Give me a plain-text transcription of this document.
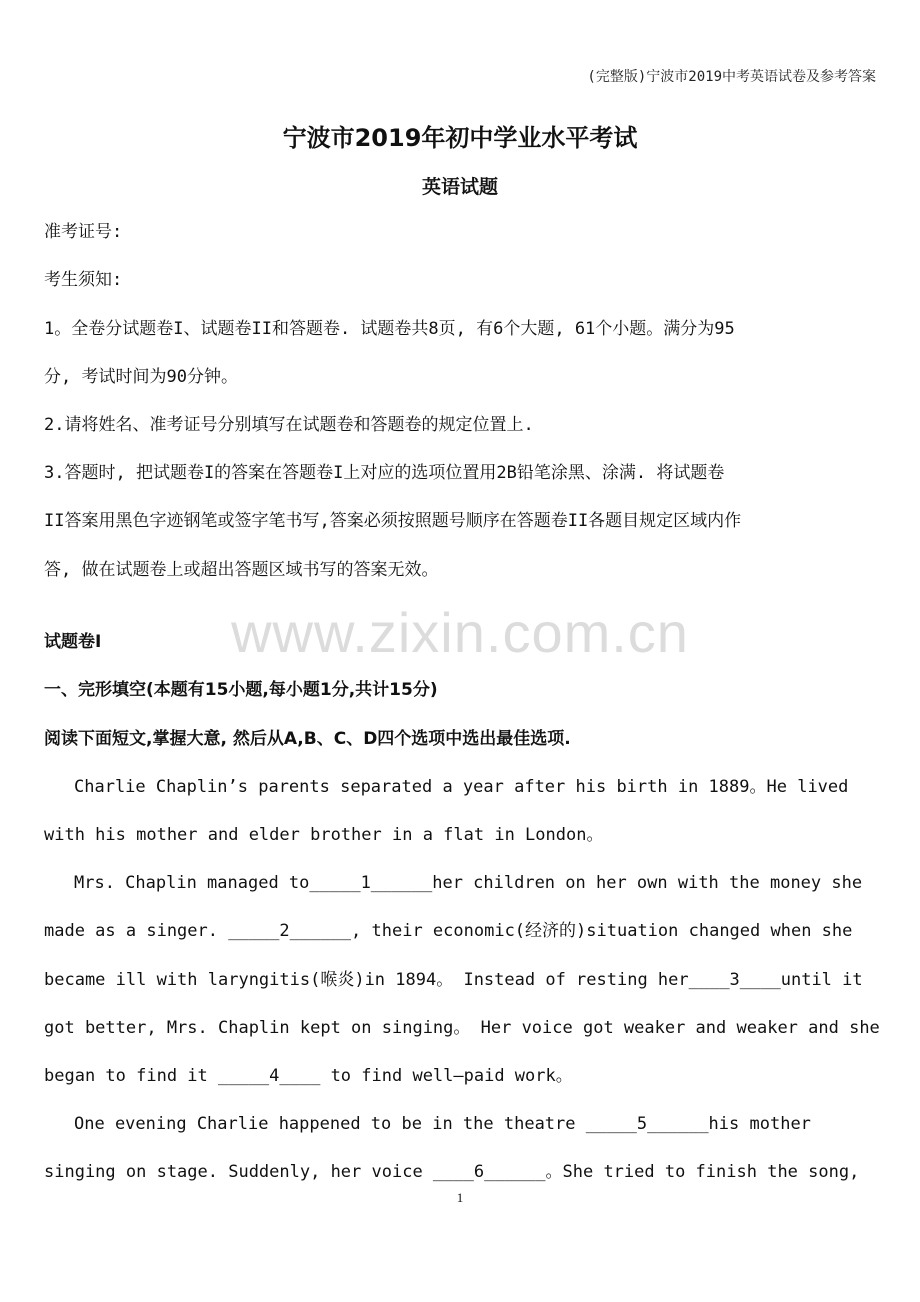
(完整版)宁波市2019中考英语试卷及参考答案
宁波市2019年初中学业水平考试
英语试题
准考证号:
考生须知:
1。全卷分试题卷I、试题卷II和答题卷. 试题卷共8页, 有6个大题, 61个小题。满分为95
分, 考试时间为90分钟。
2.请将姓名、准考证号分别填写在试题卷和答题卷的规定位置上.
3.答题时, 把试题卷I的答案在答题卷I上对应的选项位置用2B铅笔涂黑、涂满. 将试题卷
II答案用黑色字迹钢笔或签字笔书写,答案必须按照题号顺序在答题卷II各题目规定区域内作
答, 做在试题卷上或超出答题区域书写的答案无效。
www.zixin.com.cn
试题卷I
一、完形填空(本题有15小题,每小题1分,共计15分)
阅读下面短文,掌握大意, 然后从A,B、C、D四个选项中选出最佳选项.
Charlie Chaplin’s parents separated a year after his birth in 1889。He lived
with his mother and elder brother in a flat in London。
Mrs. Chaplin managed to_____1______her children on her own with the money she
made as a singer. _____2______, their economic(经济的)situation changed when she
became ill with laryngitis(喉炎)in 1894。 Instead of resting her____3____until it
got better, Mrs. Chaplin kept on singing。 Her voice got weaker and weaker and she
began to find it _____4____ to find well—paid work。
One evening Charlie happened to be in the theatre _____5______his mother
singing on stage. Suddenly, her voice ____6______。She tried to finish the song,
1
